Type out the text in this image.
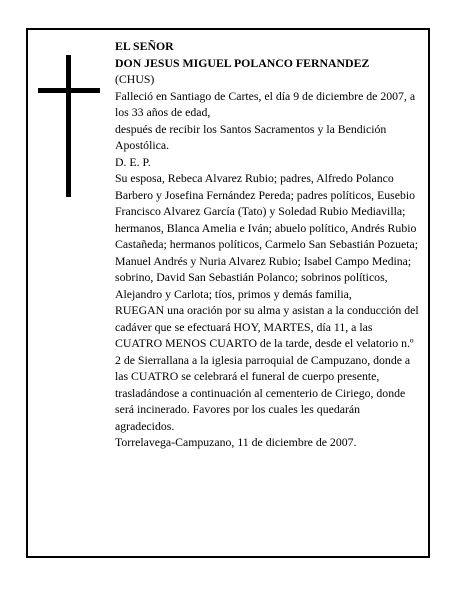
EL SEÑOR

DON JESUS MIGUEL POLANCO FERNANDEZ

(CHUS)

Falleció en Santiago de Cartes, el día 9 de diciembre de 2007, a los 33 años de edad,

después de recibir los Santos Sacramentos y la Bendición Apostólica.

D. E. P.

Su esposa, Rebeca Alvarez Rubio; padres, Alfredo Polanco Barbero y Josefina Fernández Pereda; padres políticos, Eusebio Francisco Alvarez García (Tato) y Soledad Rubio Mediavilla; hermanos, Blanca Amelia e Iván; abuelo político, Andrés Rubio Castañeda; hermanos políticos, Carmelo San Sebastián Pozueta; Manuel Andrés y Nuria Alvarez Rubio; Isabel Campo Medina; sobrino, David San Sebastián Polanco; sobrinos políticos, Alejandro y Carlota; tíos, primos y demás familia,

RUEGAN una oración por su alma y asistan a la conducción del cadáver que se efectuará HOY, MARTES, día 11, a las CUATRO MENOS CUARTO de la tarde, desde el velatorio n.º 2 de Sierrallana a la iglesia parroquial de Campuzano, donde a las CUATRO se celebrará el funeral de cuerpo presente, trasladándose a continuación al cementerio de Ciriego, donde será incinerado. Favores por los cuales les quedarán agradecidos.

Torrelavega-Campuzano, 11 de diciembre de 2007.
